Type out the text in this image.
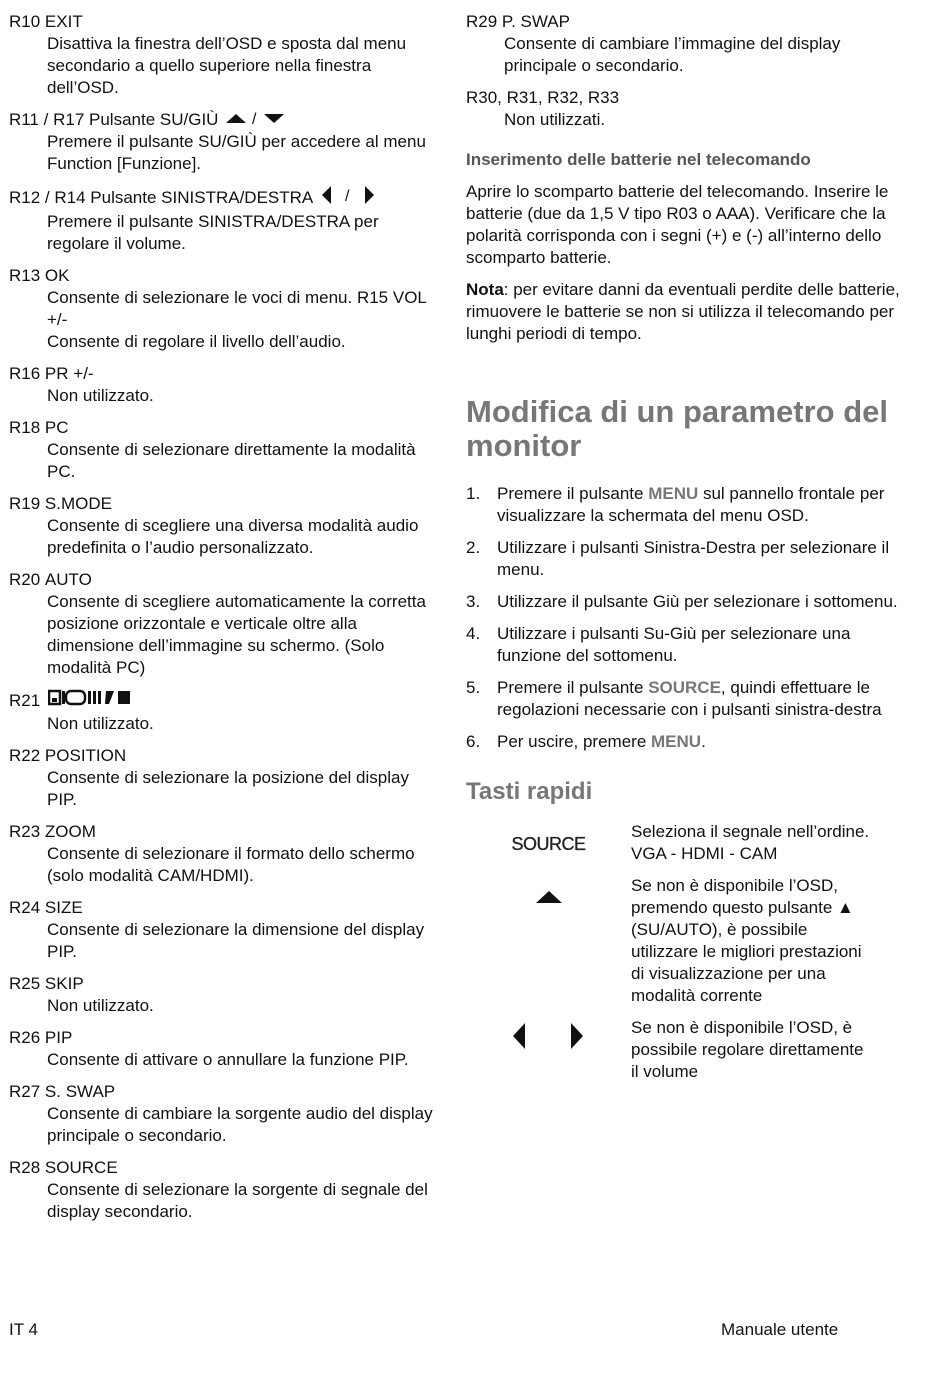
R10
EXIT
Disattiva la finestra dell’OSD e sposta dal menu secondario a quello superiore nella finestra dell’OSD.
R11 / R17
Pulsante SU/GIÙ /
Premere il pulsante SU/GIÙ per accedere al menu Function [Funzione].
R12 / R14
Pulsante SINISTRA/DESTRA /
Premere il pulsante SINISTRA/DESTRA per regolare il volume.
R13
OK
Consente di selezionare le voci di menu. R15 VOL +/-
Consente di regolare il livello dell’audio.
R16
PR +/-
Non utilizzato.
R18
PC
Consente di selezionare direttamente la modalità PC.
R19
S.MODE
Consente di scegliere una diversa modalità audio predefinita o l’audio personalizzato.
R20
AUTO
Consente di scegliere automaticamente la corretta posizione orizzontale e verticale oltre alla dimensione dell’immagine su schermo. (Solo modalità PC)
R21
Non utilizzato.
R22
POSITION
Consente di selezionare la posizione del display PIP.
R23
ZOOM
Consente di selezionare il formato dello schermo (solo modalità CAM/HDMI).
R24
SIZE
Consente di selezionare la dimensione del display PIP.
R25
SKIP
Non utilizzato.
R26
PIP
Consente di attivare o annullare la funzione PIP.
R27
S. SWAP
Consente di cambiare la sorgente audio del display principale o secondario.
R28
SOURCE
Consente di selezionare la sorgente di segnale del display secondario.
R29
P. SWAP
Consente di cambiare l’immagine del display principale o secondario.
R30, R31, R32, R33
Non utilizzati.
Inserimento delle batterie nel telecomando
Aprire lo scomparto batterie del telecomando. Inserire le batterie (due da 1,5 V tipo R03 o AAA). Verificare che la polarità corrisponda con i segni (+) e (-) all’interno dello scomparto batterie.
Nota: per evitare danni da eventuali perdite delle batterie, rimuovere le batterie se non si utilizza il telecomando per lunghi periodi di tempo.
Modifica di un parametro del monitor
1. Premere il pulsante MENU sul pannello frontale per visualizzare la schermata del menu OSD.
2. Utilizzare i pulsanti Sinistra-Destra per selezionare il menu.
3. Utilizzare il pulsante Giù per selezionare i sottomenu.
4. Utilizzare i pulsanti Su-Giù per selezionare una funzione del sottomenu.
5. Premere il pulsante SOURCE, quindi effettuare le regolazioni necessarie con i pulsanti sinistra-destra
6. Per uscire, premere MENU.
Tasti rapidi
SOURCE
Seleziona il segnale nell’ordine. VGA - HDMI - CAM
Se non è disponibile l’OSD, premendo questo pulsante ▲ (SU/AUTO), è possibile utilizzare le migliori prestazioni di visualizzazione per una modalità corrente
Se non è disponibile l’OSD, è possibile regolare direttamente il volume
IT 4	Manuale utente
